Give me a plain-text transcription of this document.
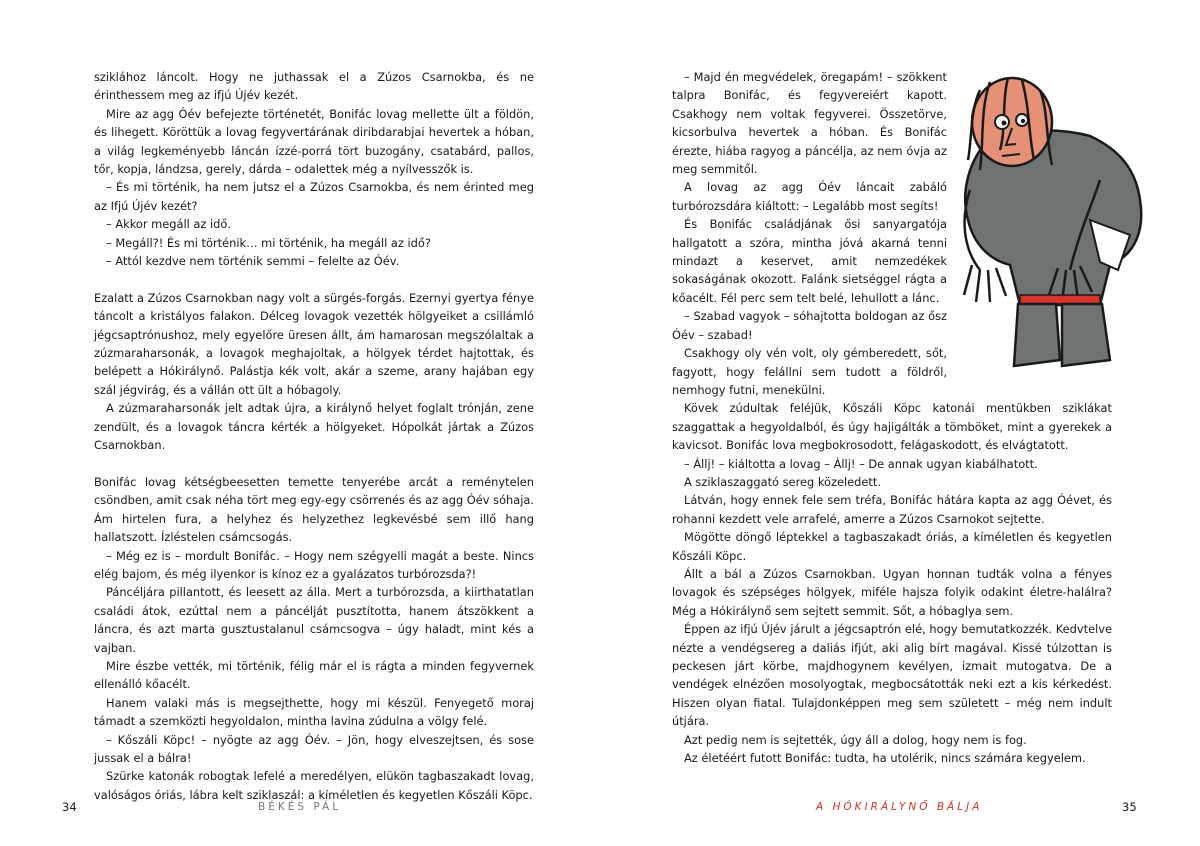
sziklához láncolt. Hogy ne juthassak el a Zúzos Csarnokba, és ne érinthessem meg az ifjú Újév kezét.

Mire az agg Óév befejezte történetét, Bonifác lovag mellette ült a földön, és lihegett. Köröttük a lovag fegyvertárának diribdarabjai hevertek a hóban, a világ legkeményebb láncán ízzé-porrá tört buzogány, csatabárd, pallos, tőr, kopja, lándzsa, gerely, dárda – odalettek még a nyílvesszők is.

– És mi történik, ha nem jutsz el a Zúzos Csarnokba, és nem érinted meg az Ifjú Újév kezét?

– Akkor megáll az idő.

– Megáll?! És mi történik… mi történik, ha megáll az idő?

– Attól kezdve nem történik semmi – felelte az Óév.

Ezalatt a Zúzos Csarnokban nagy volt a sürgés-forgás. Ezernyi gyertya fénye táncolt a kristályos falakon. Délceg lovagok vezették hölgyeiket a csillámló jégcsaptrónushoz, mely egyelőre üresen állt, ám hamarosan megszólaltak a zúzmaraharsonák, a lovagok meghajoltak, a hölgyek térdet hajtottak, és belépett a Hókirálynő. Palástja kék volt, akár a szeme, arany hajában egy szál jégvirág, és a vállán ott ült a hóbagoly.

A zúzmaraharsonák jelt adtak újra, a királynő helyet foglalt trónján, zene zendült, és a lovagok táncra kérték a hölgyeket. Hópolkát jártak a Zúzos Csarnokban.

Bonifác lovag kétségbeesetten temette tenyerébe arcát a reménytelen csöndben, amit csak néha tört meg egy-egy csörrenés és az agg Óév sóhaja. Ám hirtelen fura, a helyhez és helyzethez legkevésbé sem illő hang hallatszott. Ízléstelen csámcsogás.

– Még ez is – mordult Bonifác. – Hogy nem szégyelli magát a beste. Nincs elég bajom, és még ilyenkor is kínoz ez a gyalázatos turbórozsda?!

Páncéljára pillantott, és leesett az álla. Mert a turbórozsda, a kiirthatatlan családi átok, ezúttal nem a páncélját pusztította, hanem átszökkent a láncra, és azt marta gusztustalanul csámcsogva – úgy haladt, mint kés a vajban.

Mire észbe vették, mi történik, félig már el is rágta a minden fegyvernek ellenálló kőacélt.

Hanem valaki más is megsejthette, hogy mi készül. Fenyegető moraj támadt a szemközti hegyoldalon, mintha lavina zúdulna a völgy felé.

– Kőszáli Köpc! – nyögte az agg Óév. – Jön, hogy elveszejtsen, és sose jussak el a bálra!

Szürke katonák robogtak lefelé a meredélyen, elükön tagbaszakadt lovag, valóságos óriás, lábra kelt sziklaszál: a kíméletlen és kegyetlen Kőszáli Köpc.

34	BÉKÉS PÁL

– Majd én megvédelek, öregapám! – szökkent talpra Bonifác, és fegyvereiért kapott. Csakhogy nem voltak fegyverei. Összetörve, kicsorbulva hevertek a hóban. És Bonifác érezte, hiába ragyog a páncélja, az nem óvja az meg semmitől.

A lovag az agg Óév láncait zabáló turbórozsdára kiáltott: – Legalább most segíts!

És Bonifác családjának ősi sanyargatója hallgatott a szóra, mintha jóvá akarná tenni mindazt a keservet, amit nemzedékek sokaságának okozott. Falánk sietséggel rágta a kőacélt. Fél perc sem telt belé, lehullott a lánc.

– Szabad vagyok – sóhajtotta boldogan az ősz Óév – szabad!

Csakhogy oly vén volt, oly gémberedett, sőt, fagyott, hogy felállni sem tudott a földről, nemhogy futni, menekülni.

Kövek zúdultak feléjük, Kőszáli Köpc katonái mentükben sziklákat szaggattak a hegyoldalból, és úgy hajigálták a tömböket, mint a gyerekek a kavicsot. Bonifác lova megbokrosodott, felágaskodott, és elvágtatott.

– Állj! – kiáltotta a lovag – Állj! – De annak ugyan kiabálhatott.

A sziklaszaggató sereg közeledett.

Látván, hogy ennek fele sem tréfa, Bonifác hátára kapta az agg Óévet, és rohanni kezdett vele arrafelé, amerre a Zúzos Csarnokot sejtette.

Mögötte döngő léptekkel a tagbaszakadt óriás, a kíméletlen és kegyetlen Kőszáli Köpc.

Állt a bál a Zúzos Csarnokban. Ugyan honnan tudták volna a fényes lovagok és szépséges hölgyek, miféle hajsza folyik odakint életre-halálra? Még a Hókirálynő sem sejtett semmit. Sőt, a hóbaglya sem.

Éppen az ifjú Újév járult a jégcsaptrón elé, hogy bemutatkozzék. Kedvtelve nézte a vendégsereg a daliás ifjút, aki alig bírt magával. Kissé túlzottan is peckesen járt körbe, majdhogynem kevélyen, izmait mutogatva. De a vendégek elnézően mosolyogtak, megbocsátották neki ezt a kis kérkedést. Hiszen olyan fiatal. Tulajdonképpen meg sem született – még nem indult útjára.

Azt pedig nem is sejtették, úgy áll a dolog, hogy nem is fog.

Az életéért futott Bonifác: tudta, ha utolérik, nincs számára kegyelem.

A HÓKIRÁLYNŐ BÁLJA	35
